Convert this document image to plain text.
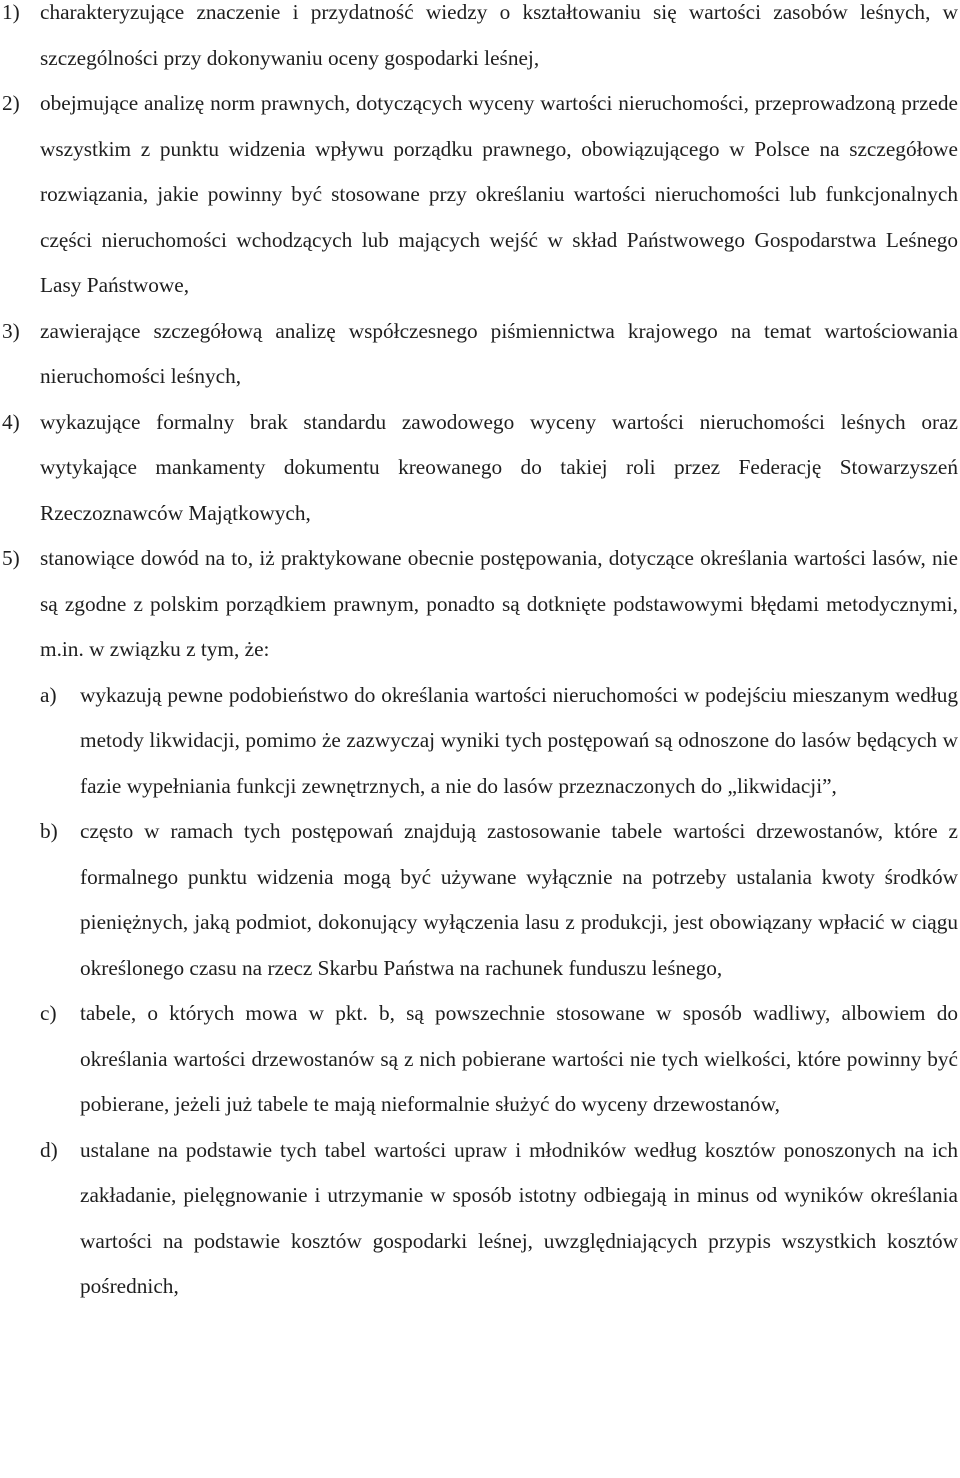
1) charakteryzujące znaczenie i przydatność wiedzy o kształtowaniu się wartości zasobów leśnych, w szczególności przy dokonywaniu oceny gospodarki leśnej,
2) obejmujące analizę norm prawnych, dotyczących wyceny wartości nieruchomości, przeprowadzoną przede wszystkim z punktu widzenia wpływu porządku prawnego, obowiązującego w Polsce na szczegółowe rozwiązania, jakie powinny być stosowane przy określaniu wartości nieruchomości lub funkcjonalnych części nieruchomości wchodzących lub mających wejść w skład Państwowego Gospodarstwa Leśnego Lasy Państwowe,
3) zawierające szczegółową analizę współczesnego piśmiennictwa krajowego na temat wartościowania nieruchomości leśnych,
4) wykazujące formalny brak standardu zawodowego wyceny wartości nieruchomości leśnych oraz wytykające mankamenty dokumentu kreowanego do takiej roli przez Federację Stowarzyszeń Rzeczoznawców Majątkowych,
5) stanowiące dowód na to, iż praktykowane obecnie postępowania, dotyczące określania wartości lasów, nie są zgodne z polskim porządkiem prawnym, ponadto są dotknięte podstawowymi błędami metodycznymi, m.in. w związku z tym, że:
a)	wykazują pewne podobieństwo do określania wartości nieruchomości w podejściu mieszanym według metody likwidacji, pomimo że zazwyczaj wyniki tych postępowań są odnoszone do lasów będących w fazie wypełniania funkcji zewnętrznych, a nie do lasów przeznaczonych do „likwidacji”,
b)	często w ramach tych postępowań znajdują zastosowanie tabele wartości drzewostanów, które z formalnego punktu widzenia mogą być używane wyłącznie na potrzeby ustalania kwoty środków pieniężnych, jaką podmiot, dokonujący wyłączenia lasu z produkcji, jest obowiązany wpłacić w ciągu określonego czasu na rzecz Skarbu Państwa na rachunek funduszu leśnego,
c)	tabele, o których mowa w pkt. b, są powszechnie stosowane w sposób wadliwy, albowiem do określania wartości drzewostanów są z nich pobierane wartości nie tych wielkości, które powinny być pobierane, jeżeli już tabele te mają nieformalnie służyć do wyceny drzewostanów,
d)	ustalane na podstawie tych tabel wartości upraw i młodników według kosztów ponoszonych na ich zakładanie, pielęgnowanie i utrzymanie w sposób istotny odbiegają in minus od wyników określania wartości na podstawie kosztów gospodarki leśnej, uwzględniających przypis wszystkich kosztów pośrednich,
